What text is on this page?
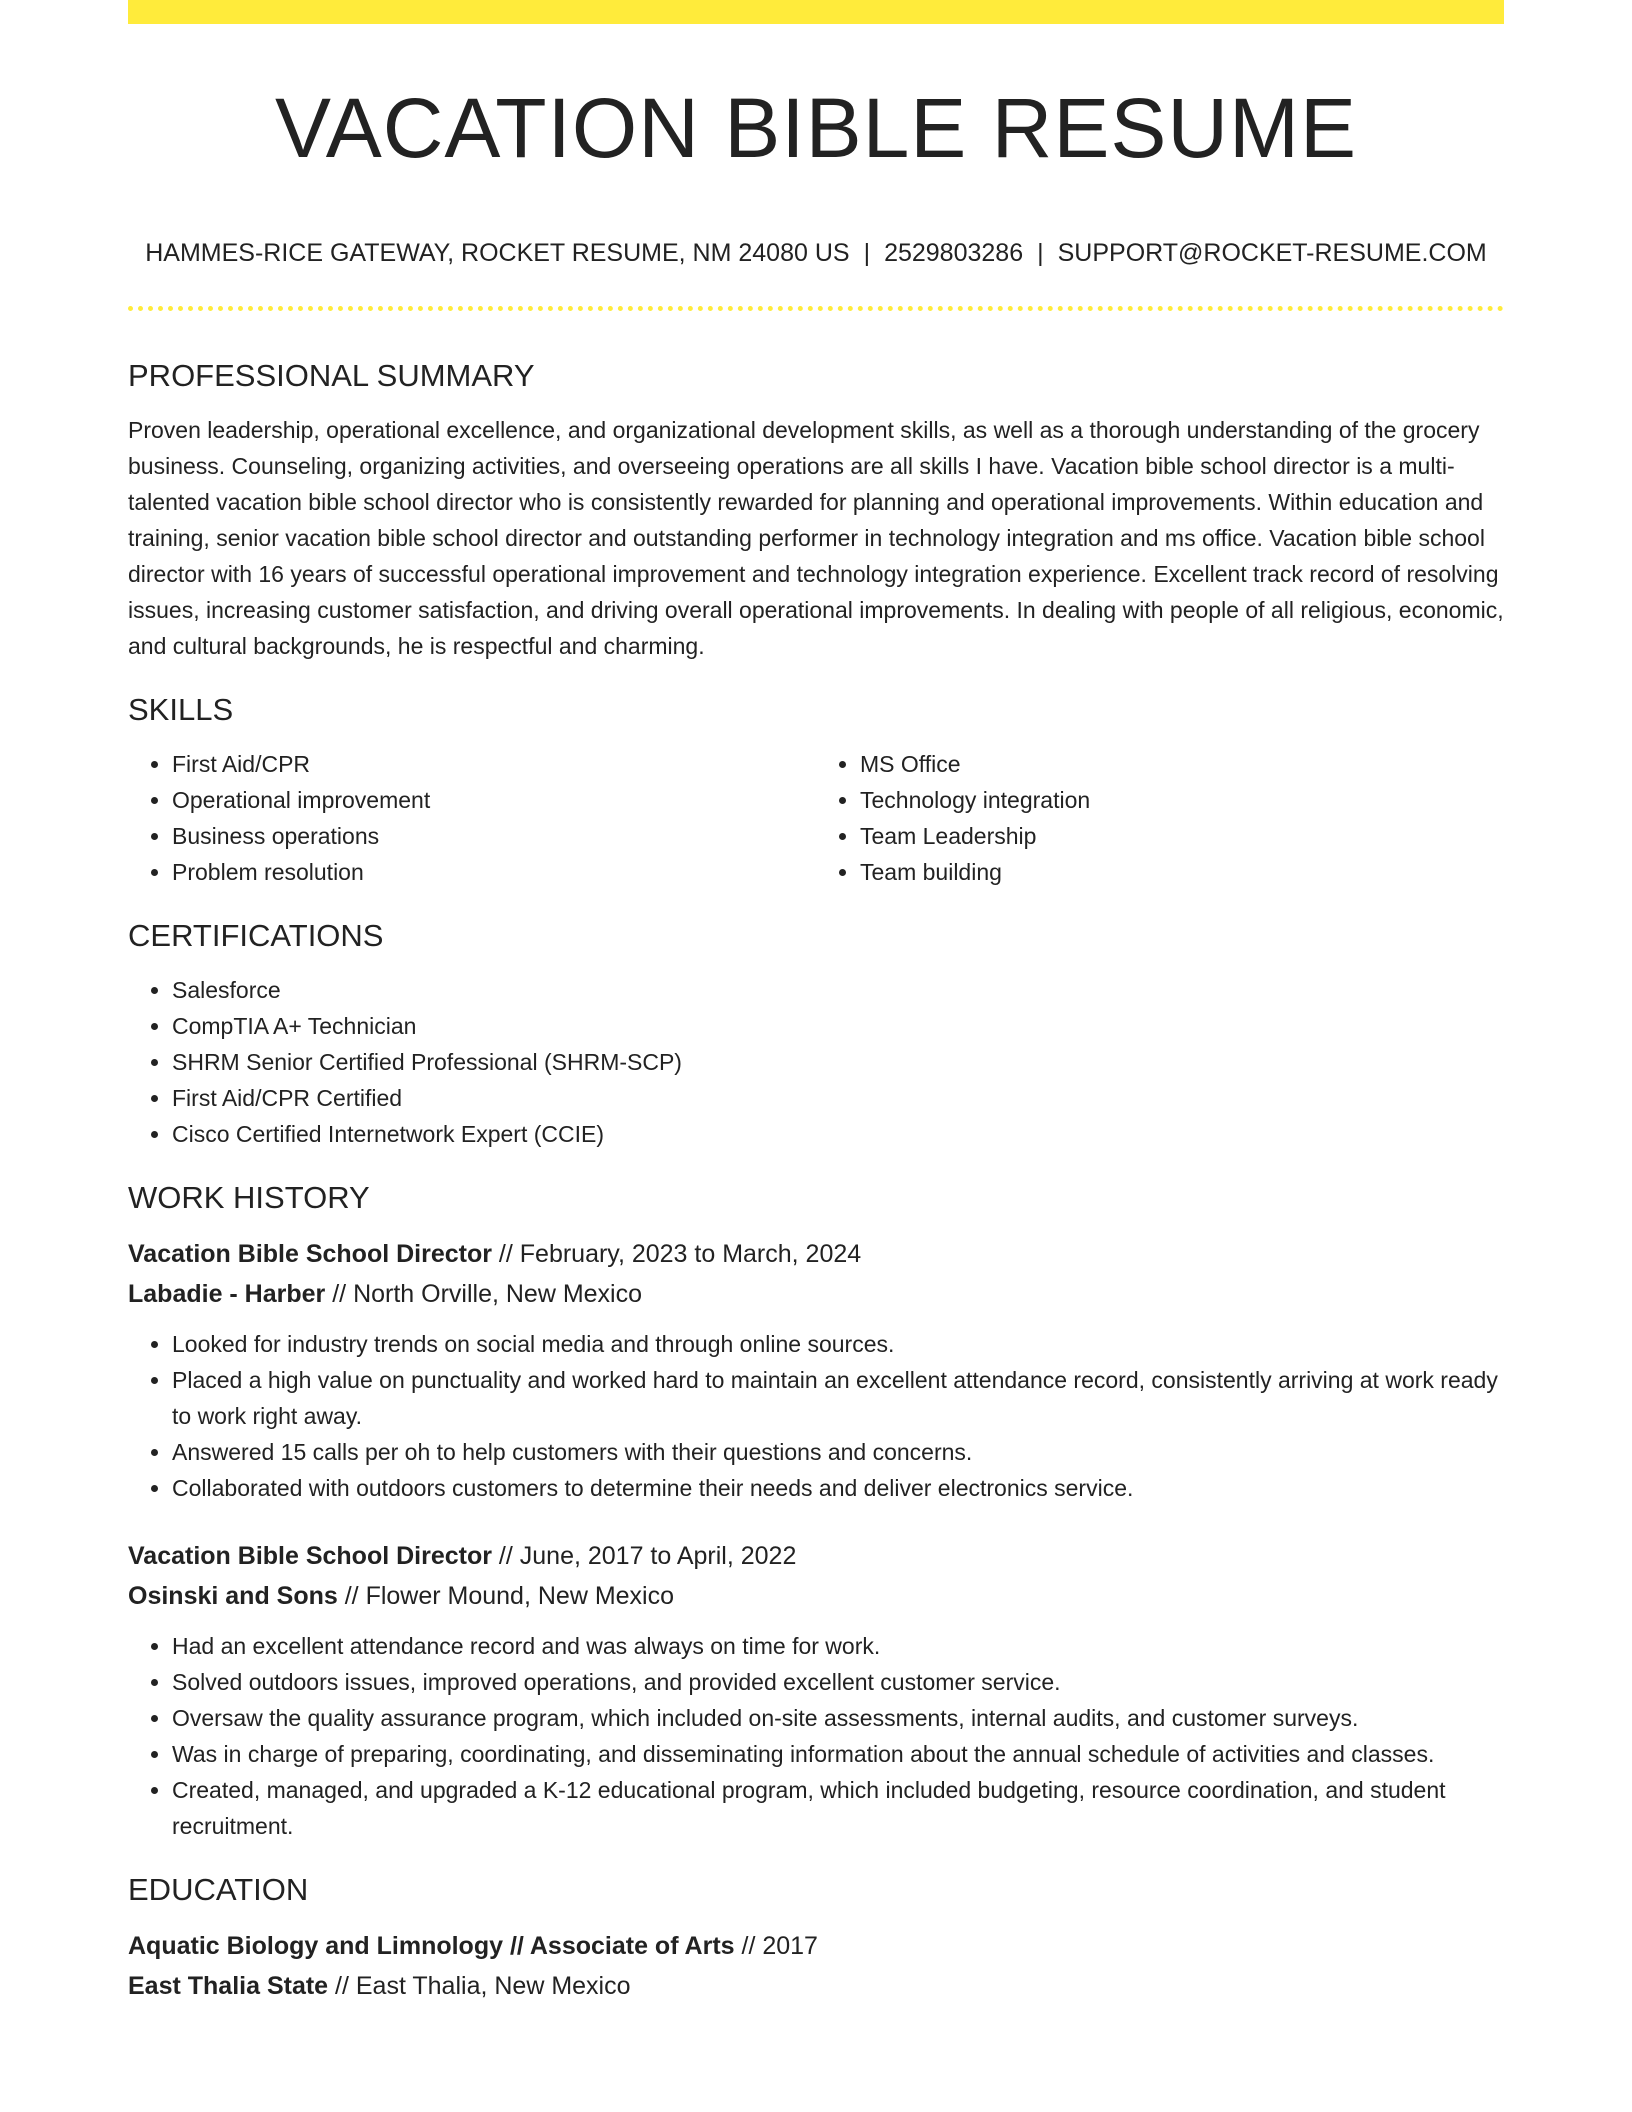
VACATION BIBLE RESUME
HAMMES-RICE GATEWAY, ROCKET RESUME, NM 24080 US | 2529803286 | SUPPORT@ROCKET-RESUME.COM
PROFESSIONAL SUMMARY

Proven leadership, operational excellence, and organizational development skills, as well as a thorough understanding of the grocery business. Counseling, organizing activities, and overseeing operations are all skills I have. Vacation bible school director is a multi-talented vacation bible school director who is consistently rewarded for planning and operational improvements. Within education and training, senior vacation bible school director and outstanding performer in technology integration and ms office. Vacation bible school director with 16 years of successful operational improvement and technology integration experience. Excellent track record of resolving issues, increasing customer satisfaction, and driving overall operational improvements. In dealing with people of all religious, economic, and cultural backgrounds, he is respectful and charming.

SKILLS
• First Aid/CPR
• Operational improvement
• Business operations
• Problem resolution
• MS Office
• Technology integration
• Team Leadership
• Team building
CERTIFICATIONS
• Salesforce
• CompTIA A+ Technician
• SHRM Senior Certified Professional (SHRM-SCP)
• First Aid/CPR Certified
• Cisco Certified Internetwork Expert (CCIE)
WORK HISTORY

Vacation Bible School Director // February, 2023 to March, 2024

Labadie - Harber // North Orville, New Mexico

• Looked for industry trends on social media and through online sources.
• Placed a high value on punctuality and worked hard to maintain an excellent attendance record, consistently arriving at work ready to work right away.
• Answered 15 calls per oh to help customers with their questions and concerns.
• Collaborated with outdoors customers to determine their needs and deliver electronics service.

Vacation Bible School Director // June, 2017 to April, 2022

Osinski and Sons // Flower Mound, New Mexico

• Had an excellent attendance record and was always on time for work.
• Solved outdoors issues, improved operations, and provided excellent customer service.
• Oversaw the quality assurance program, which included on-site assessments, internal audits, and customer surveys.
• Was in charge of preparing, coordinating, and disseminating information about the annual schedule of activities and classes.
• Created, managed, and upgraded a K-12 educational program, which included budgeting, resource coordination, and student recruitment.
EDUCATION

Aquatic Biology and Limnology // Associate of Arts // 2017

East Thalia State // East Thalia, New Mexico
